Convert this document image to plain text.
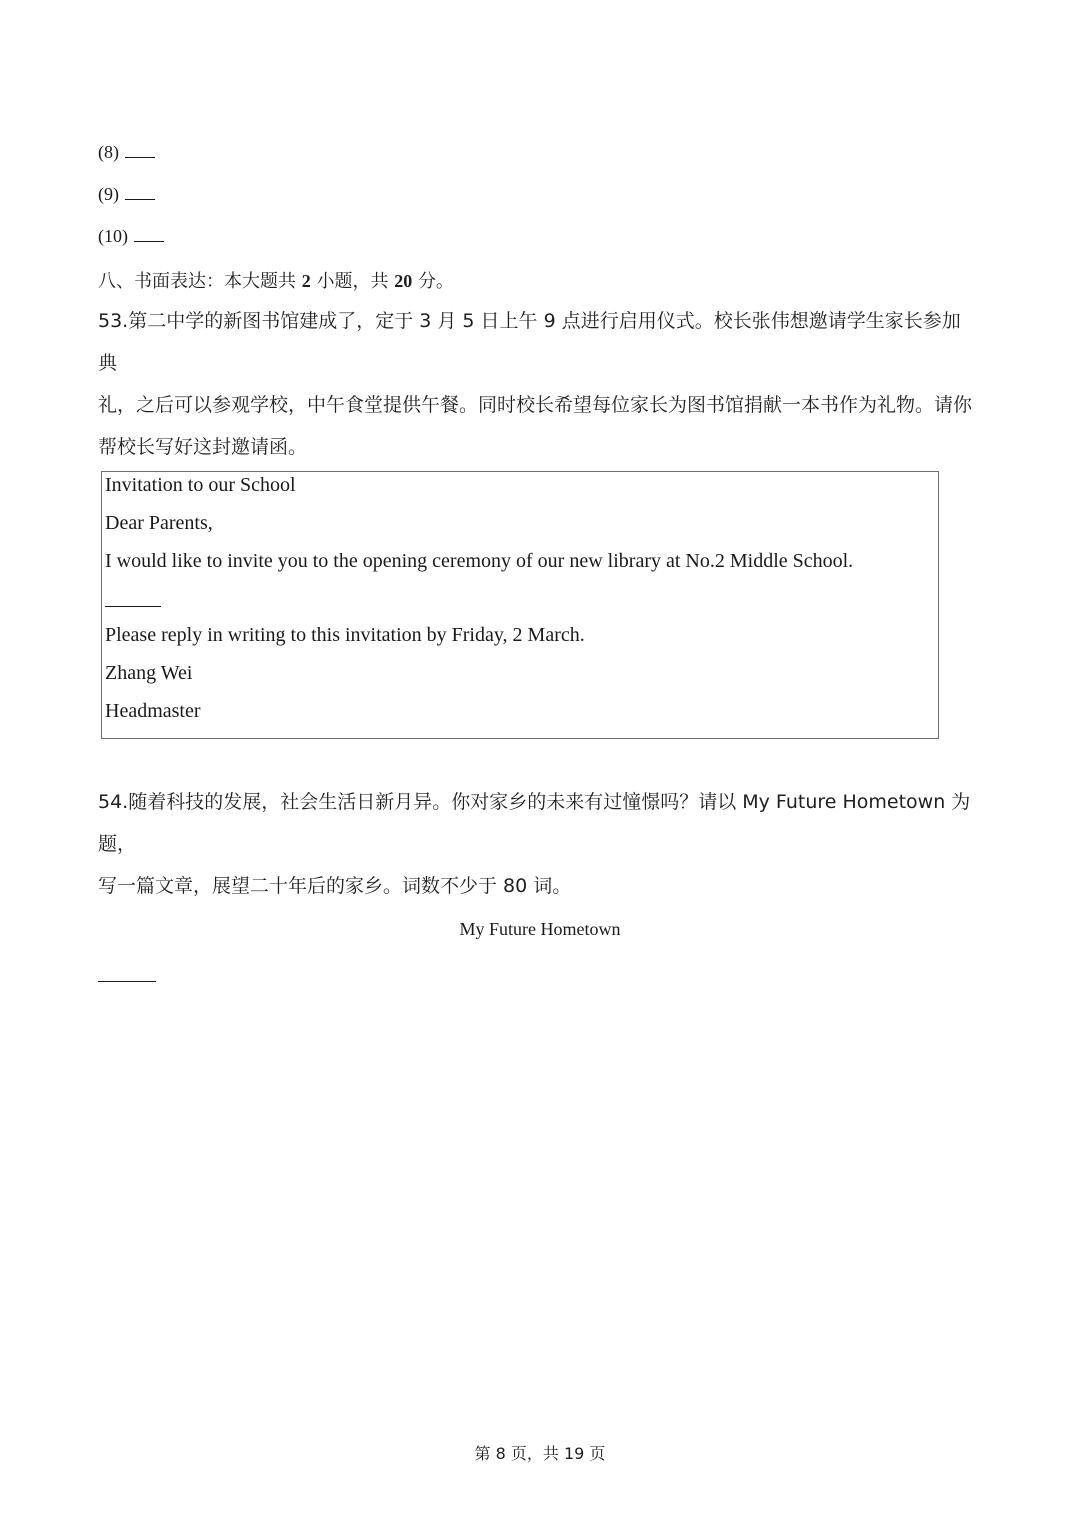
(8)
(9)
(10)
八、书面表达：本大题共 2 小题，共 20 分。
53.第二中学的新图书馆建成了，定于 3 月 5 日上午 9 点进行启用仪式。校长张伟想邀请学生家长参加典
礼，之后可以参观学校，中午食堂提供午餐。同时校长希望每位家长为图书馆捐献一本书作为礼物。请你
帮校长写好这封邀请函。
Invitation to our School
Dear Parents,
I would like to invite you to the opening ceremony of our new library at No.2 Middle School.
Please reply in writing to this invitation by Friday, 2 March.
Zhang Wei
Headmaster
54.随着科技的发展，社会生活日新月异。你对家乡的未来有过憧憬吗？请以 My Future Hometown 为题，
写一篇文章，展望二十年后的家乡。词数不少于 80 词。
My Future Hometown
第 8 页，共 19 页
